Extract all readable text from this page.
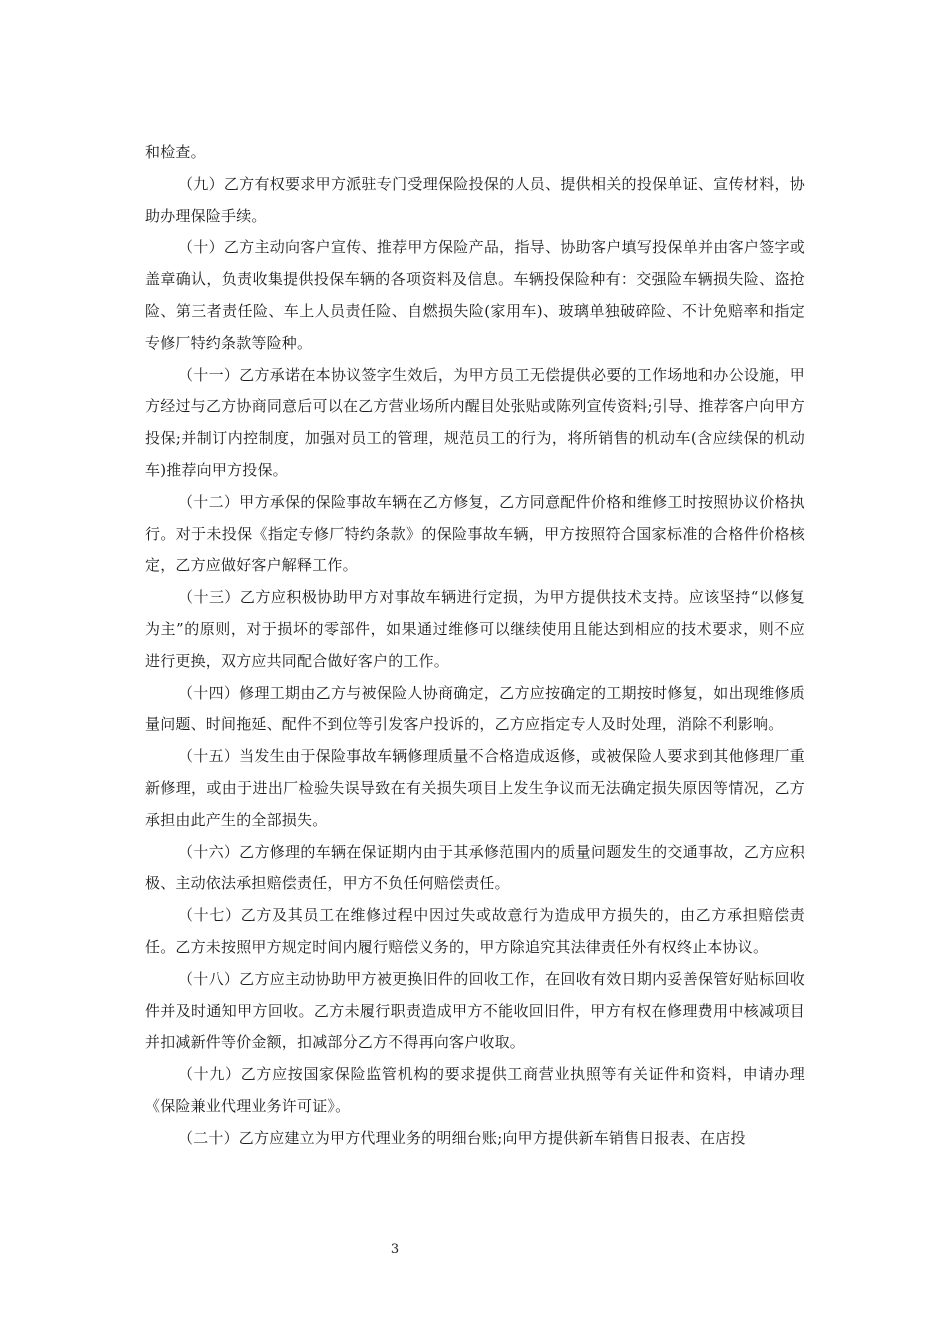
和检查。

（九）乙方有权要求甲方派驻专门受理保险投保的人员、提供相关的投保单证、宣传材料，协助办理保险手续。

（十）乙方主动向客户宣传、推荐甲方保险产品，指导、协助客户填写投保单并由客户签字或盖章确认，负责收集提供投保车辆的各项资料及信息。车辆投保险种有：交强险车辆损失险、盗抢险、第三者责任险、车上人员责任险、自燃损失险(家用车)、玻璃单独破碎险、不计免赔率和指定专修厂特约条款等险种。

（十一）乙方承诺在本协议签字生效后，为甲方员工无偿提供必要的工作场地和办公设施，甲方经过与乙方协商同意后可以在乙方营业场所内醒目处张贴或陈列宣传资料;引导、推荐客户向甲方投保;并制订内控制度，加强对员工的管理，规范员工的行为，将所销售的机动车(含应续保的机动车)推荐向甲方投保。

（十二）甲方承保的保险事故车辆在乙方修复，乙方同意配件价格和维修工时按照协议价格执行。对于未投保《指定专修厂特约条款》的保险事故车辆，甲方按照符合国家标准的合格件价格核定，乙方应做好客户解释工作。

（十三）乙方应积极协助甲方对事故车辆进行定损，为甲方提供技术支持。应该坚持“以修复为主”的原则，对于损坏的零部件，如果通过维修可以继续使用且能达到相应的技术要求，则不应进行更换，双方应共同配合做好客户的工作。

（十四）修理工期由乙方与被保险人协商确定，乙方应按确定的工期按时修复，如出现维修质量问题、时间拖延、配件不到位等引发客户投诉的，乙方应指定专人及时处理，消除不利影响。

（十五）当发生由于保险事故车辆修理质量不合格造成返修，或被保险人要求到其他修理厂重新修理，或由于进出厂检验失误导致在有关损失项目上发生争议而无法确定损失原因等情况，乙方承担由此产生的全部损失。

（十六）乙方修理的车辆在保证期内由于其承修范围内的质量问题发生的交通事故，乙方应积极、主动依法承担赔偿责任，甲方不负任何赔偿责任。

（十七）乙方及其员工在维修过程中因过失或故意行为造成甲方损失的，由乙方承担赔偿责任。乙方未按照甲方规定时间内履行赔偿义务的，甲方除追究其法律责任外有权终止本协议。

（十八）乙方应主动协助甲方被更换旧件的回收工作，在回收有效日期内妥善保管好贴标回收件并及时通知甲方回收。乙方未履行职责造成甲方不能收回旧件，甲方有权在修理费用中核减项目并扣减新件等价金额，扣减部分乙方不得再向客户收取。

（十九）乙方应按国家保险监管机构的要求提供工商营业执照等有关证件和资料，申请办理《保险兼业代理业务许可证》。

（二十）乙方应建立为甲方代理业务的明细台账;向甲方提供新车销售日报表、在店投

3
